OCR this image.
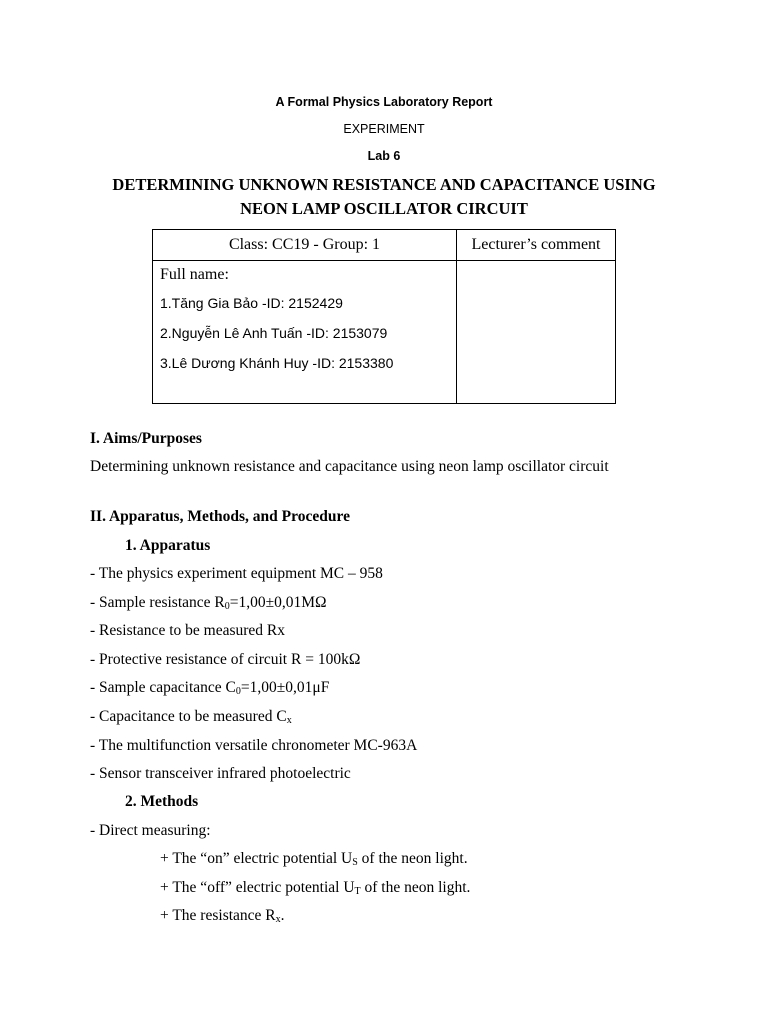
A Formal Physics Laboratory Report
EXPERIMENT
Lab 6
DETERMINING UNKNOWN RESISTANCE AND CAPACITANCE USING
NEON LAMP OSCILLATOR CIRCUIT
Class: CC19 - Group: 1	Lecturer’s comment

Full name:
1.Tăng Gia Bảo -ID: 2152429
2.Nguyễn Lê Anh Tuấn -ID: 2153079
3.Lê Dương Khánh Huy -ID: 2153380	

I. Aims/Purposes
Determining unknown resistance and capacitance using neon lamp oscillator circuit
II. Apparatus, Methods, and Procedure
1. Apparatus
- The physics experiment equipment MC – 958
- Sample resistance $R_0=1,00\pm 0,01M\Omega$
- Resistance to be measured Rx
- Protective resistance of circuit R = 100kΩ
- Sample capacitance $C_0=1,00\pm 0,01\mu F$
- Capacitance to be measured $C_x$
- The multifunction versatile chronometer MC-963A
- Sensor transceiver infrared photoelectric
2. Methods
- Direct measuring:
+ The “on” electric potential $U_S$ of the neon light.
+ The “off” electric potential $U_T$ of the neon light.
+ The resistance $R_x$.
